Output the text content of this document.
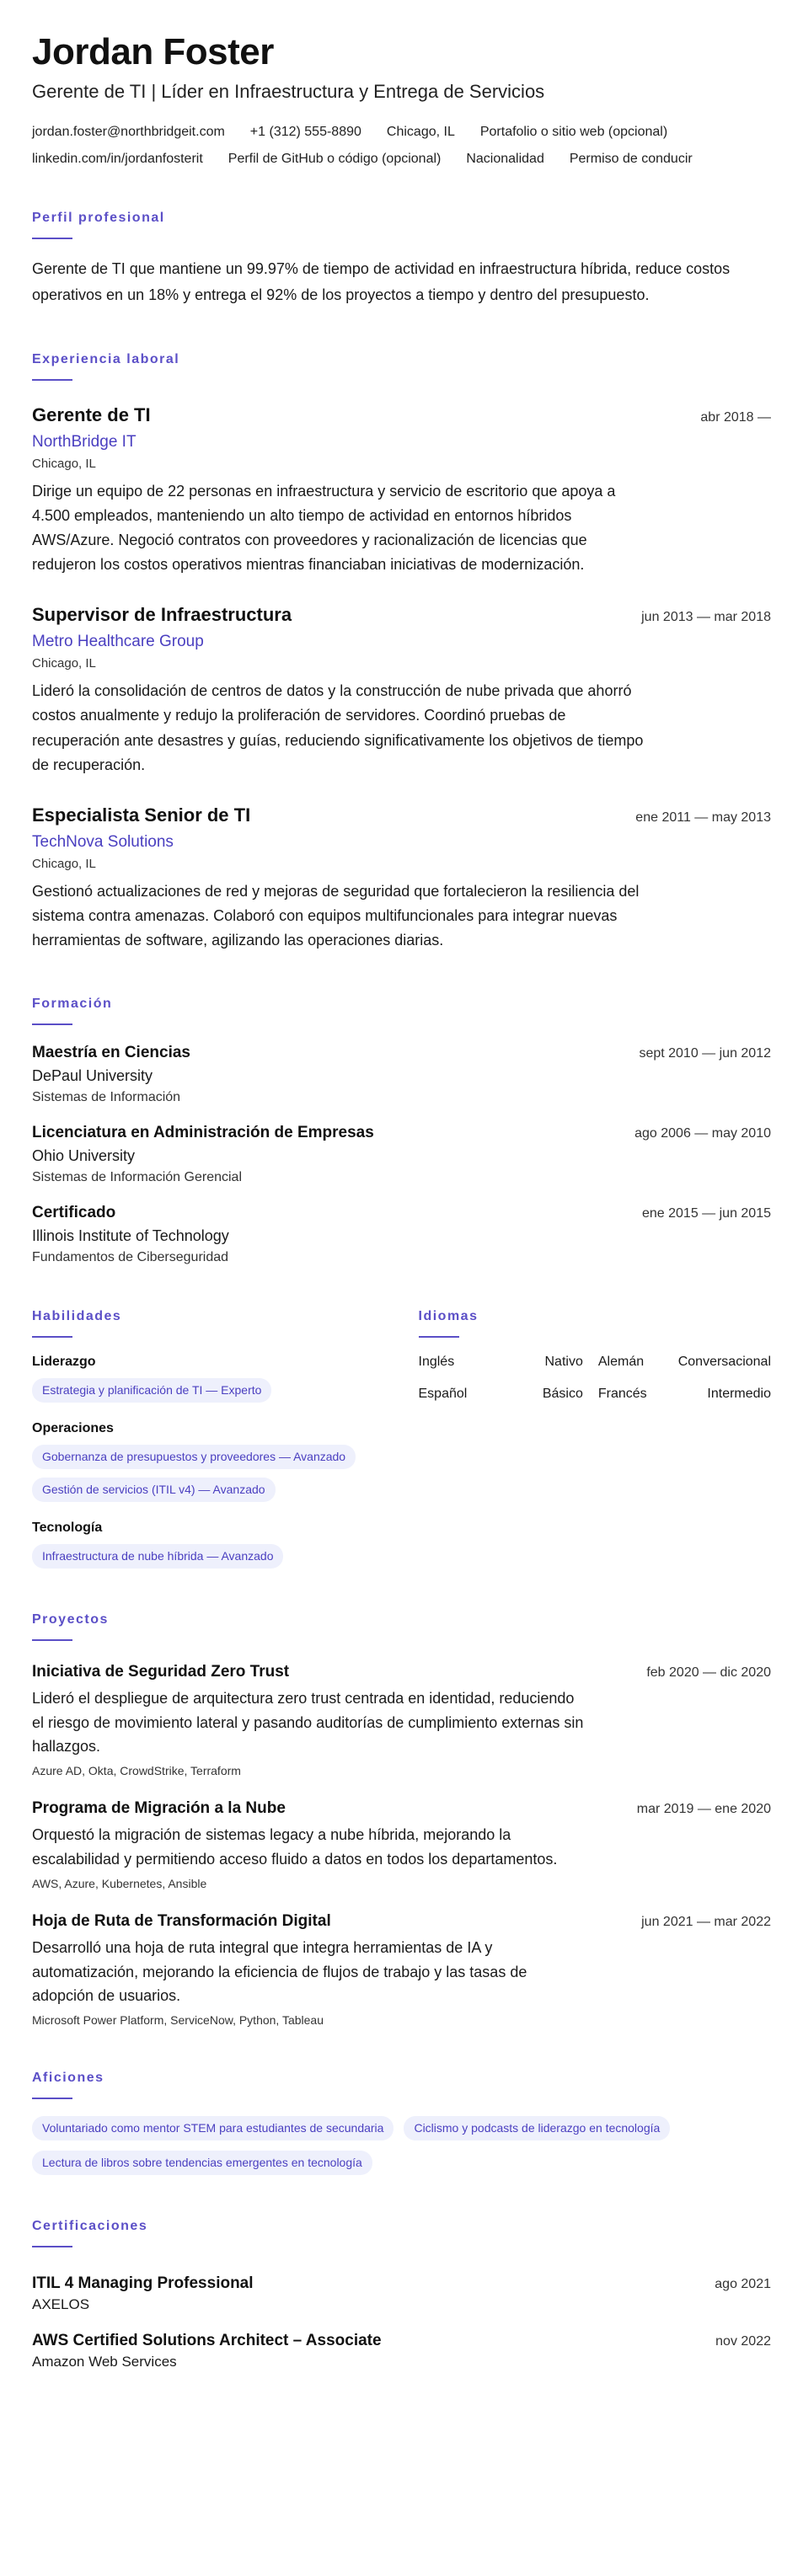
Jordan Foster
Gerente de TI | Líder en Infraestructura y Entrega de Servicios
jordan.foster@northbridgeit.com +1 (312) 555-8890 Chicago, IL Portafolio o sitio web (opcional)
linkedin.com/in/jordanfosterit Perfil de GitHub o código (opcional) Nacionalidad Permiso de conducir
Perfil profesional
Gerente de TI que mantiene un 99.97% de tiempo de actividad en infraestructura híbrida, reduce costos operativos en un 18% y entrega el 92% de los proyectos a tiempo y dentro del presupuesto.
Experiencia laboral
Gerente de TI	abr 2018 —
NorthBridge IT
Chicago, IL
Dirige un equipo de 22 personas en infraestructura y servicio de escritorio que apoya a 4.500 empleados, manteniendo un alto tiempo de actividad en entornos híbridos AWS/Azure. Negoció contratos con proveedores y racionalización de licencias que redujeron los costos operativos mientras financiaban iniciativas de modernización.
Supervisor de Infraestructura	jun 2013 — mar 2018
Metro Healthcare Group
Chicago, IL
Lideró la consolidación de centros de datos y la construcción de nube privada que ahorró costos anualmente y redujo la proliferación de servidores. Coordinó pruebas de recuperación ante desastres y guías, reduciendo significativamente los objetivos de tiempo de recuperación.
Especialista Senior de TI	ene 2011 — may 2013
TechNova Solutions
Chicago, IL
Gestionó actualizaciones de red y mejoras de seguridad que fortalecieron la resiliencia del sistema contra amenazas. Colaboró con equipos multifuncionales para integrar nuevas herramientas de software, agilizando las operaciones diarias.
Formación
Maestría en Ciencias	sept 2010 — jun 2012
DePaul University
Sistemas de Información
Licenciatura en Administración de Empresas	ago 2006 — may 2010
Ohio University
Sistemas de Información Gerencial
Certificado	ene 2015 — jun 2015
Illinois Institute of Technology
Fundamentos de Ciberseguridad
Habilidades
Liderazgo
Estrategia y planificación de TI — Experto
Operaciones
Gobernanza de presupuestos y proveedores — Avanzado
Gestión de servicios (ITIL v4) — Avanzado
Tecnología
Infraestructura de nube híbrida — Avanzado
Idiomas
Inglés	Nativo Alemán	Conversacional
Español	Básico Francés	Intermedio
Proyectos
Iniciativa de Seguridad Zero Trust	feb 2020 — dic 2020
Lideró el despliegue de arquitectura zero trust centrada en identidad, reduciendo el riesgo de movimiento lateral y pasando auditorías de cumplimiento externas sin hallazgos.
Azure AD, Okta, CrowdStrike, Terraform
Programa de Migración a la Nube	mar 2019 — ene 2020
Orquestó la migración de sistemas legacy a nube híbrida, mejorando la escalabilidad y permitiendo acceso fluido a datos en todos los departamentos.
AWS, Azure, Kubernetes, Ansible
Hoja de Ruta de Transformación Digital	jun 2021 — mar 2022
Desarrolló una hoja de ruta integral que integra herramientas de IA y automatización, mejorando la eficiencia de flujos de trabajo y las tasas de adopción de usuarios.
Microsoft Power Platform, ServiceNow, Python, Tableau
Aficiones
Voluntariado como mentor STEM para estudiantes de secundaria	Ciclismo y podcasts de liderazgo en tecnología
Lectura de libros sobre tendencias emergentes en tecnología
Certificaciones
ITIL 4 Managing Professional	ago 2021
AXELOS
AWS Certified Solutions Architect – Associate	nov 2022
Amazon Web Services
